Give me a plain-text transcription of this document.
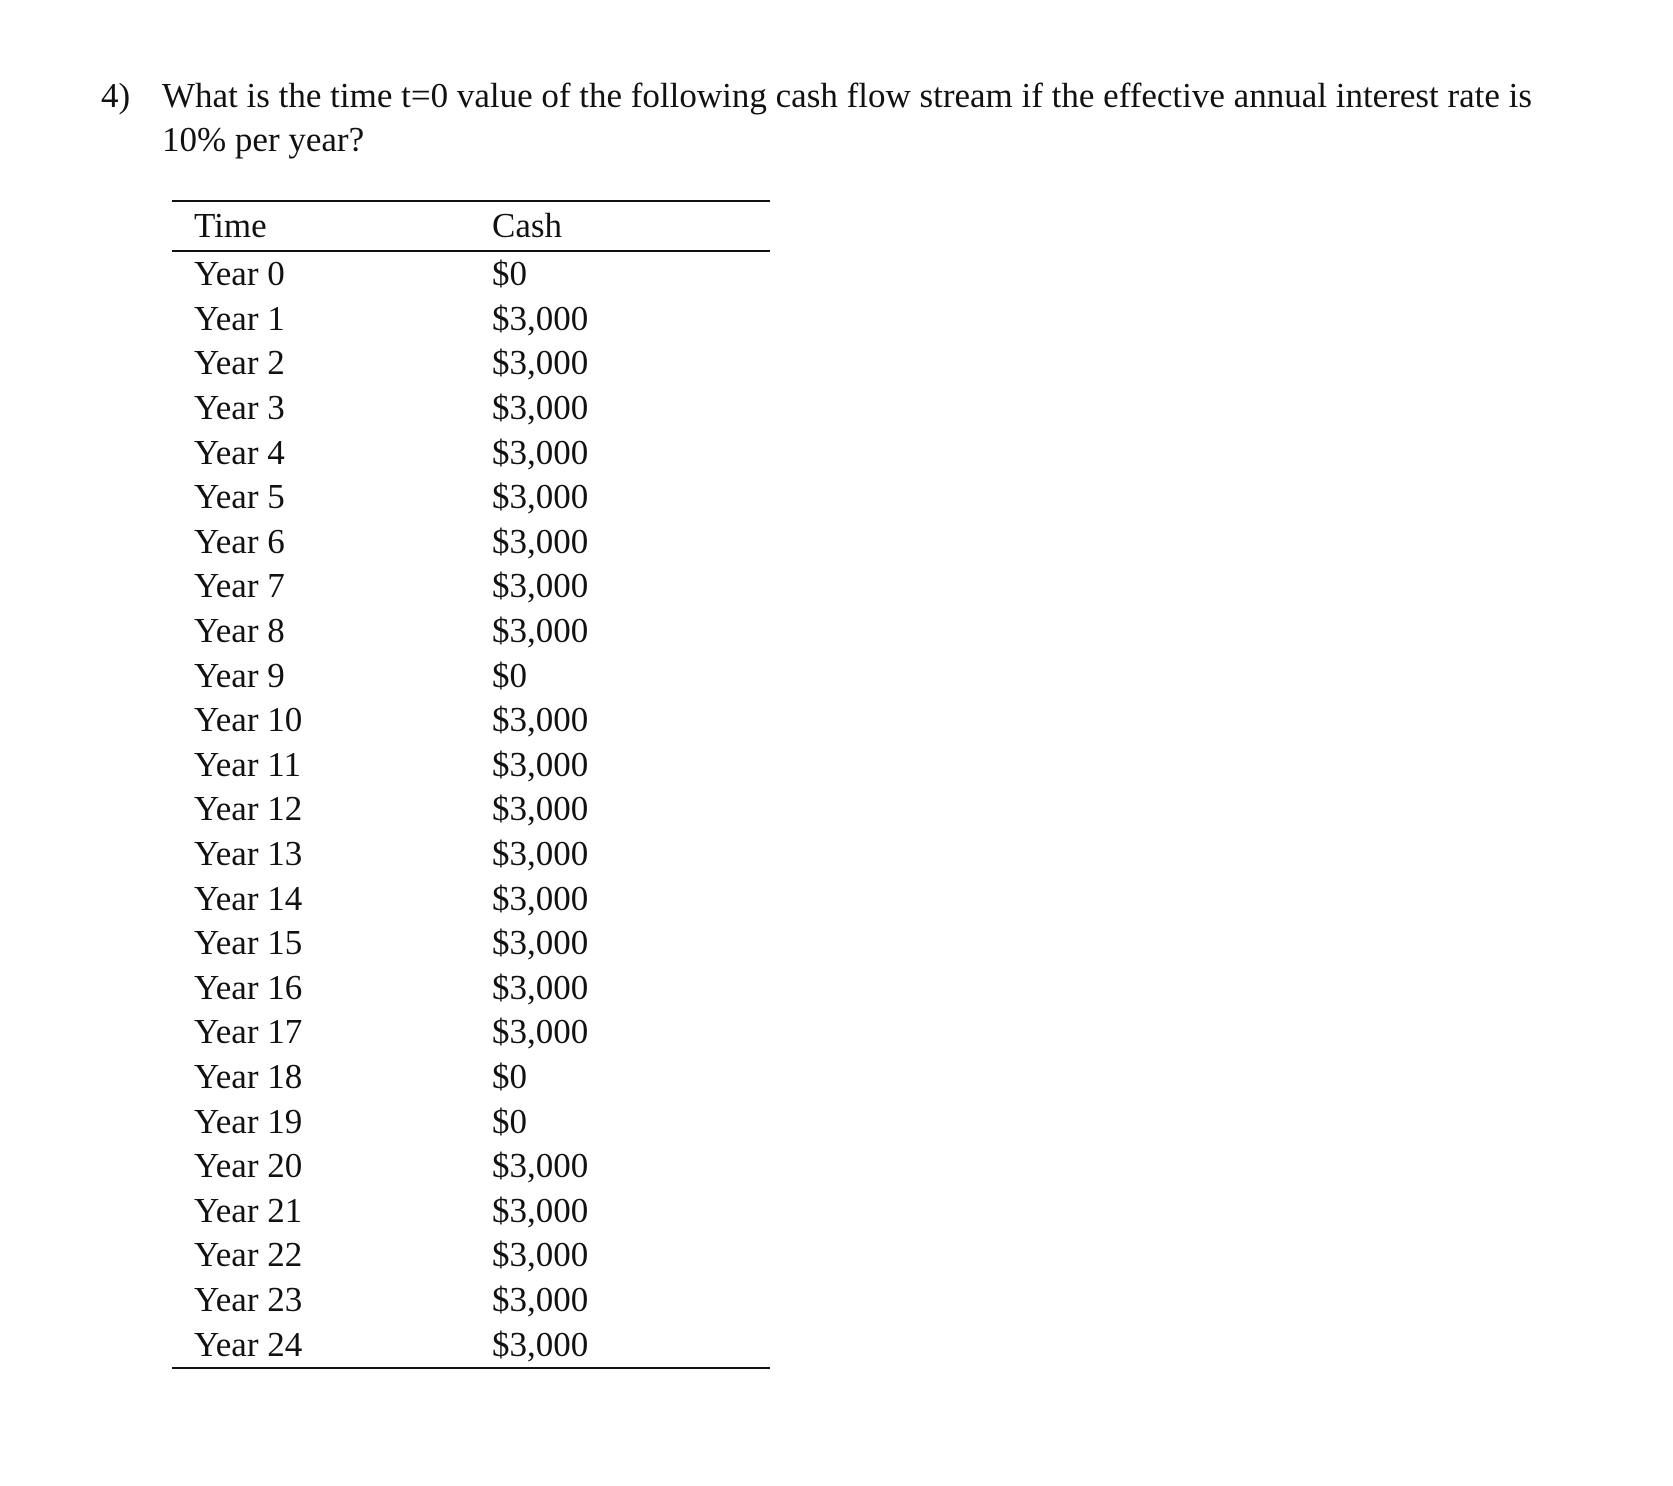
4) What is the time t=0 value of the following cash flow stream if the effective annual interest rate is 10% per year?
Time	Cash
Year 0	$0
Year 1	$3,000
Year 2	$3,000
Year 3	$3,000
Year 4	$3,000
Year 5	$3,000
Year 6	$3,000
Year 7	$3,000
Year 8	$3,000
Year 9	$0
Year 10	$3,000
Year 11	$3,000
Year 12	$3,000
Year 13	$3,000
Year 14	$3,000
Year 15	$3,000
Year 16	$3,000
Year 17	$3,000
Year 18	$0
Year 19	$0
Year 20	$3,000
Year 21	$3,000
Year 22	$3,000
Year 23	$3,000
Year 24	$3,000
